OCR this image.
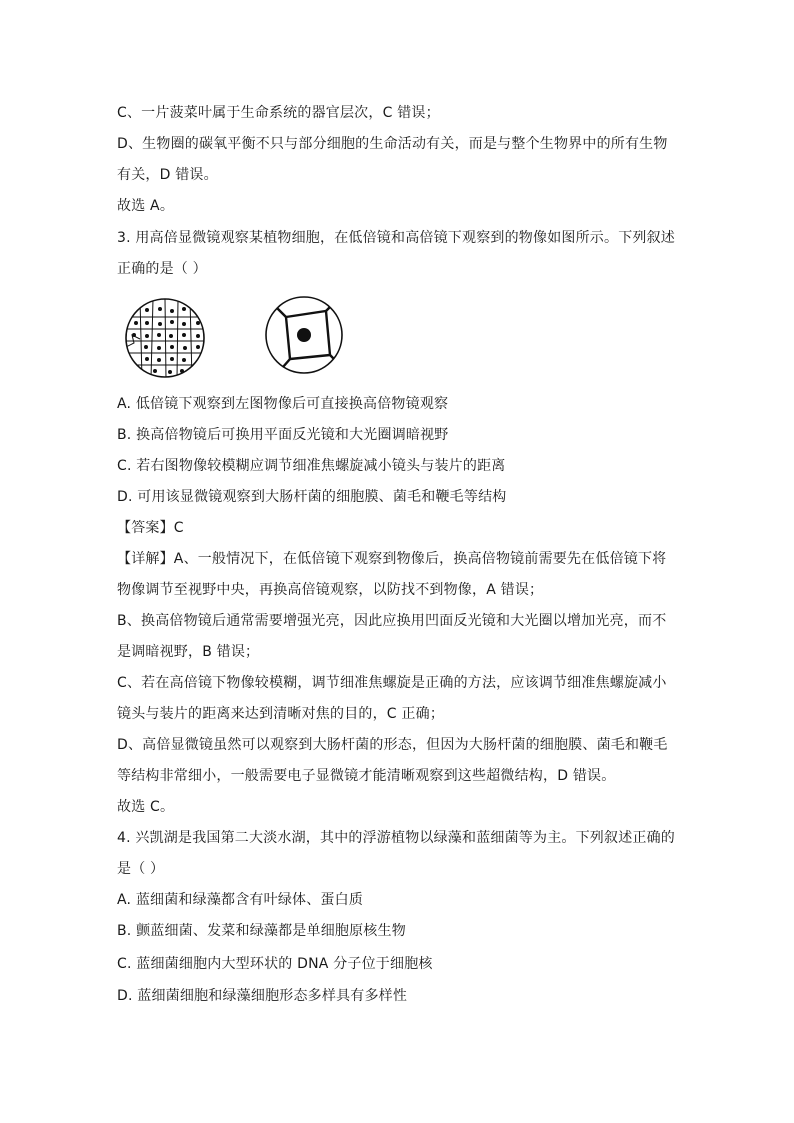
C、一片菠菜叶属于生命系统的器官层次，C 错误；
D、生物圈的碳氧平衡不只与部分细胞的生命活动有关，而是与整个生物界中的所有生物
有关，D 错误。
故选 A。
3. 用高倍显微镜观察某植物细胞，在低倍镜和高倍镜下观察到的物像如图所示。下列叙述
正确的是（ ）
A. 低倍镜下观察到左图物像后可直接换高倍物镜观察
B. 换高倍物镜后可换用平面反光镜和大光圈调暗视野
C. 若右图物像较模糊应调节细准焦螺旋减小镜头与装片的距离
D. 可用该显微镜观察到大肠杆菌的细胞膜、菌毛和鞭毛等结构
【答案】C
【详解】A、一般情况下，在低倍镜下观察到物像后，换高倍物镜前需要先在低倍镜下将
物像调节至视野中央，再换高倍镜观察，以防找不到物像，A 错误；
B、换高倍物镜后通常需要增强光亮，因此应换用凹面反光镜和大光圈以增加光亮，而不
是调暗视野，B 错误；
C、若在高倍镜下物像较模糊，调节细准焦螺旋是正确的方法，应该调节细准焦螺旋减小
镜头与装片的距离来达到清晰对焦的目的，C 正确；
D、高倍显微镜虽然可以观察到大肠杆菌的形态，但因为大肠杆菌的细胞膜、菌毛和鞭毛
等结构非常细小，一般需要电子显微镜才能清晰观察到这些超微结构，D 错误。
故选 C。
4. 兴凯湖是我国第二大淡水湖，其中的浮游植物以绿藻和蓝细菌等为主。下列叙述正确的
是（ ）
A. 蓝细菌和绿藻都含有叶绿体、蛋白质
B. 颤蓝细菌、发菜和绿藻都是单细胞原核生物
C. 蓝细菌细胞内大型环状的 DNA 分子位于细胞核
D. 蓝细菌细胞和绿藻细胞形态多样具有多样性
